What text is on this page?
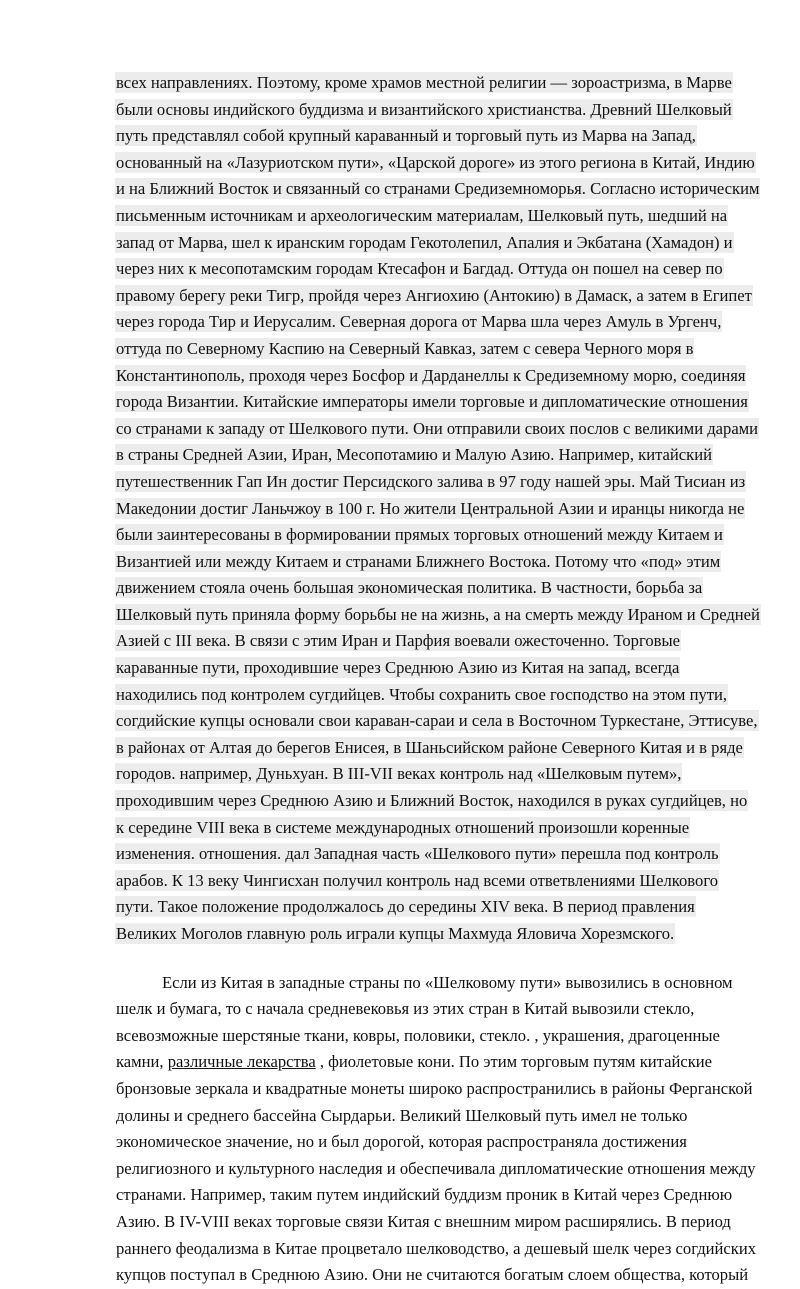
всех направлениях. Поэтому, кроме храмов местной религии — зороастризма, в Марве
были основы индийского буддизма и византийского христианства. Древний Шелковый
путь представлял собой крупный караванный и торговый путь из Марва на Запад,
основанный на «Лазуриотском пути», «Царской дороге» из этого региона в Китай, Индию
и на Ближний Восток и связанный со странами Средиземноморья. Согласно историческим
письменным источникам и археологическим материалам, Шелковый путь, шедший на
запад от Марва, шел к иранским городам Гекотолепил, Апалия и Экбатана (Хамадон) и
через них к месопотамским городам Ктесафон и Багдад. Оттуда он пошел на север по
правому берегу реки Тигр, пройдя через Ангиохию (Антокию) в Дамаск, а затем в Египет
через города Тир и Иерусалим. Северная дорога от Марва шла через Амуль в Ургенч,
оттуда по Северному Каспию на Северный Кавказ, затем с севера Черного моря в
Константинополь, проходя через Босфор и Дарданеллы к Средиземному морю, соединяя
города Византии. Китайские императоры имели торговые и дипломатические отношения
со странами к западу от Шелкового пути. Они отправили своих послов с великими дарами
в страны Средней Азии, Иран, Месопотамию и Малую Азию. Например, китайский
путешественник Гап Ин достиг Персидского залива в 97 году нашей эры. Май Тисиан из
Македонии достиг Ланьчжоу в 100 г. Но жители Центральной Азии и иранцы никогда не
были заинтересованы в формировании прямых торговых отношений между Китаем и
Византией или между Китаем и странами Ближнего Востока. Потому что «под» этим
движением стояла очень большая экономическая политика. В частности, борьба за
Шелковый путь приняла форму борьбы не на жизнь, а на смерть между Ираном и Средней
Азией с III века. В связи с этим Иран и Парфия воевали ожесточенно. Торговые
караванные пути, проходившие через Среднюю Азию из Китая на запад, всегда
находились под контролем сугдийцев. Чтобы сохранить свое господство на этом пути,
согдийские купцы основали свои караван-сараи и села в Восточном Туркестане, Эттисуве,
в районах от Алтая до берегов Енисея, в Шаньсийском районе Северного Китая и в ряде
городов. например, Дуньхуан. В III-VII веках контроль над «Шелковым путем»,
проходившим через Среднюю Азию и Ближний Восток, находился в руках сугдийцев, но
к середине VIII века в системе международных отношений произошли коренные
изменения. отношения. дал Западная часть «Шелкового пути» перешла под контроль
арабов. К 13 веку Чингисхан получил контроль над всеми ответвлениями Шелкового
пути. Такое положение продолжалось до середины XIV века. В период правления
Великих Моголов главную роль играли купцы Махмуда Яловича Хорезмского.
Если из Китая в западные страны по «Шелковому пути» вывозились в основном
шелк и бумага, то с начала средневековья из этих стран в Китай вывозили стекло,
всевозможные шерстяные ткани, ковры, половики, стекло. , украшения, драгоценные
камни, различные лекарства , фиолетовые кони. По этим торговым путям китайские
бронзовые зеркала и квадратные монеты широко распространились в районы Ферганской
долины и среднего бассейна Сырдарьи. Великий Шелковый путь имел не только
экономическое значение, но и был дорогой, которая распространяла достижения
религиозного и культурного наследия и обеспечивала дипломатические отношения между
странами. Например, таким путем индийский буддизм проник в Китай через Среднюю
Азию. В IV-VIII веках торговые связи Китая с внешним миром расширялись. В период
раннего феодализма в Китае процветало шелководство, а дешевый шелк через согдийских
купцов поступал в Среднюю Азию. Они не считаются богатым слоем общества, который
